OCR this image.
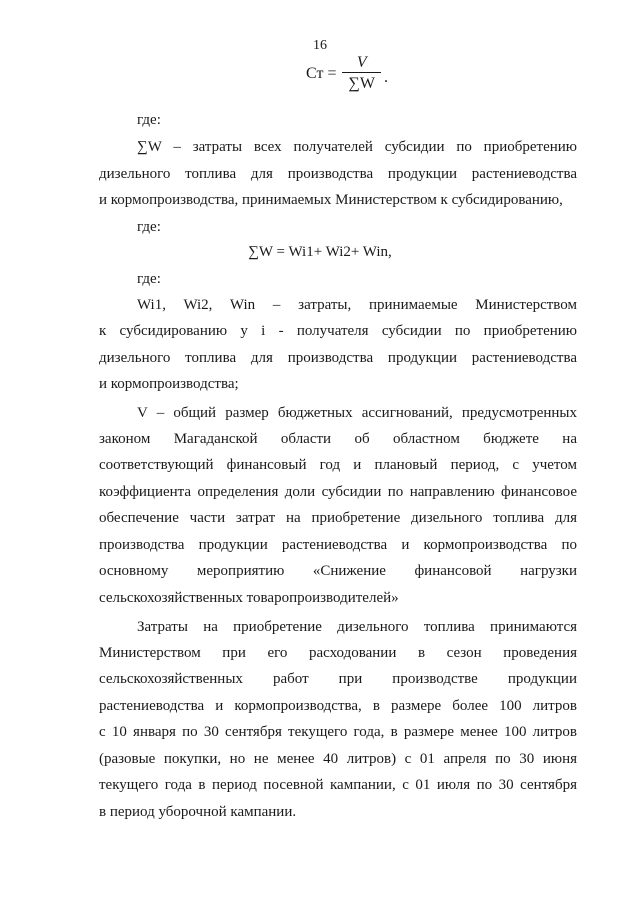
16
Ст = $\frac{V}{\sum W}$ .
где:
∑W – затраты всех получателей субсидии по приобретению
дизельного топлива для производства продукции растениеводства
и кормопроизводства, принимаемых Министерством к субсидированию,
где:
∑W = Wi1+ Wi2+ Win,
где:
Wi1, Wi2, Win – затраты, принимаемые Министерством
к субсидированию у i - получателя субсидии по приобретению
дизельного топлива для производства продукции растениеводства
и кормопроизводства;
V – общий размер бюджетных ассигнований, предусмотренных
законом Магаданской области об областном бюджете на
соответствующий финансовый год и плановый период, с учетом
коэффициента определения доли субсидии по направлению финансовое
обеспечение части затрат на приобретение дизельного топлива для
производства продукции растениеводства и кормопроизводства по
основному мероприятию «Снижение финансовой нагрузки
сельскохозяйственных товаропроизводителей»
Затраты на приобретение дизельного топлива принимаются
Министерством при его расходовании в сезон проведения
сельскохозяйственных работ при производстве продукции
растениеводства и кормопроизводства, в размере более 100 литров
с 10 января по 30 сентября текущего года, в размере менее 100 литров
(разовые покупки, но не менее 40 литров) с 01 апреля по 30 июня
текущего года в период посевной кампании, с 01 июля по 30 сентября
в период уборочной кампании.
